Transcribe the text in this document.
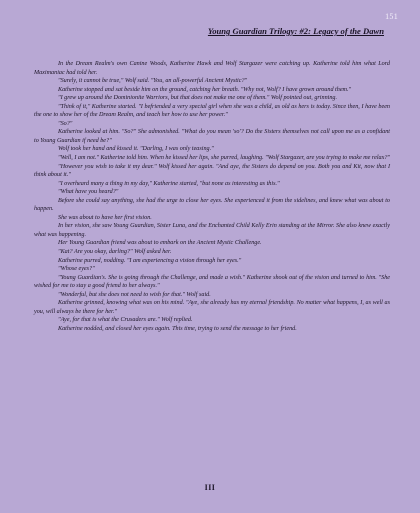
151
Young Guardian Trilogy: #2: Legacy of the Dawn

In the Dream Realm's own Canine Woods, Katherine Hawk and Wolf Stargazer were catching up. Katherine told him what Lord Maximaniac had told her.

"Surely, it cannot be true," Wolf said. "You, an all-powerful Ancient Mystic?"

Katherine stopped and sat beside him on the ground, catching her breath. "Why not, Wolf? I have grown around them."

"I grew up around the Dominionite Warriors, but that does not make me one of them." Wolf pointed out, grinning.

"Think of it," Katherine started. "I befriended a very special girl when she was a child, as old as hers is today. Since then, I have been the one to show her of the Dream Realm, and teach her how to use her power."

"So?"

Katherine looked at him. "So?" She admonished. "What do you mean 'so'? Do the Sisters themselves not call upon me as a confidant to Young Guardian if need be?"

Wolf took her hand and kissed it. "Darling, I was only teasing."

"Well, I am not." Katherine told him. When he kissed her lips, she purred, laughing. "Wolf Stargazer, are you trying to make me relax?"

"However you wish to take it my dear." Wolf kissed her again. "And aye, the Sisters do depend on you. Both you and Kit, now that I think about it."

"I overheard many a thing in my day," Katherine started, "but none as interesting as this."

"What have you heard?"

Before she could say anything, she had the urge to close her eyes. She experienced it from the sidelines, and knew what was about to happen.

She was about to have her first vision.

In her vision, she saw Young Guardian, Sister Luna, and the Enchanted Child Kelly Erin standing at the Mirror. She also knew exactly what was happening.

Her Young Guardian friend was about to embark on the Ancient Mystic Challenge.

"Kat? Are you okay, darling?" Wolf asked her.

Katherine purred, nodding. "I am experiencing a vision through her eyes."

"Whose eyes?"

"Young Guardian's. She is going through the Challenge, and made a wish." Katherine shook out of the vision and turned to him. "She wished for me to stay a good friend to her always."

"Wonderful, but she does not need to wish for that." Wolf said.

Katherine grinned, knowing what was on his mind. "Aye, she already has my eternal friendship. No matter what happens, I, as well as you, will always be there for her."

"Aye, for that is what the Crusaders are." Wolf replied.

Katherine nodded, and closed her eyes again. This time, trying to send the message to her friend.

III
